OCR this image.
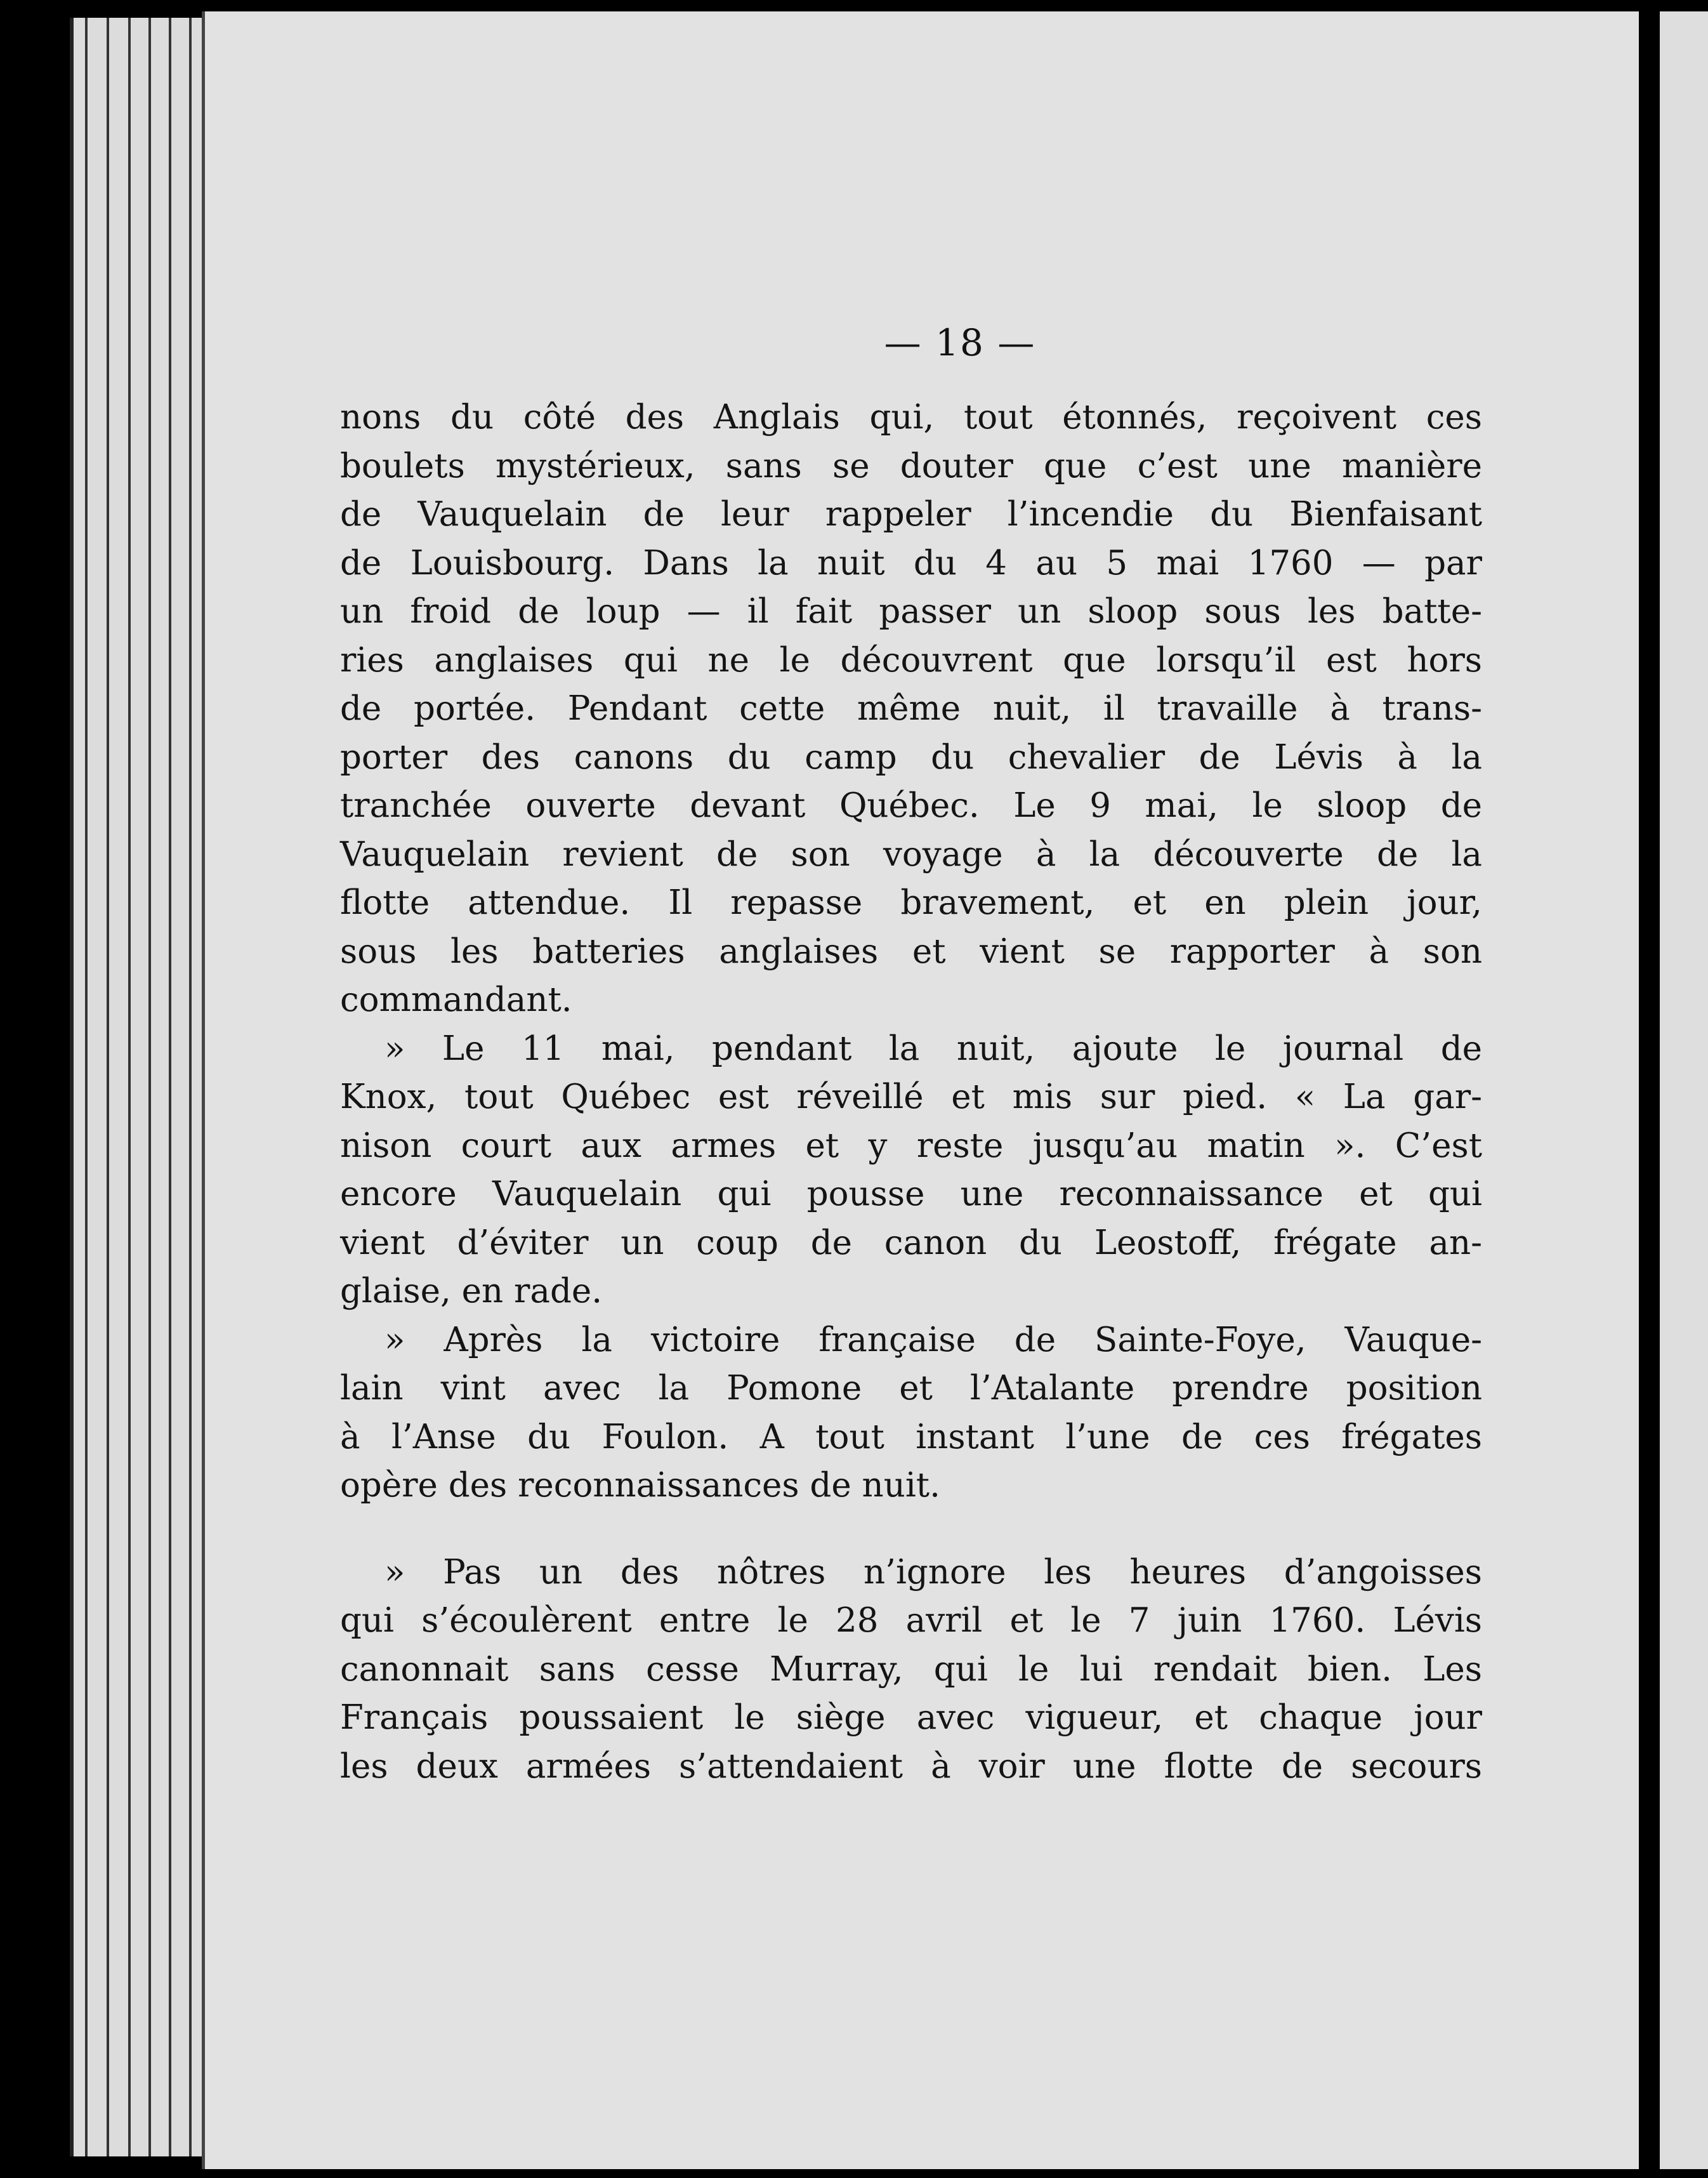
— 18 —
nons du côté des Anglais qui, tout étonnés, reçoivent ces
boulets mystérieux, sans se douter que c’est une manière
de Vauquelain de leur rappeler l’incendie du Bienfaisant
de Louisbourg. Dans la nuit du 4 au 5 mai 1760 — par
un froid de loup — il fait passer un sloop sous les batte-
ries anglaises qui ne le découvrent que lorsqu’il est hors
de portée. Pendant cette même nuit, il travaille à trans-
porter des canons du camp du chevalier de Lévis à la
tranchée ouverte devant Québec. Le 9 mai, le sloop de
Vauquelain revient de son voyage à la découverte de la
flotte attendue. Il repasse bravement, et en plein jour,
sous les batteries anglaises et vient se rapporter à son
commandant.
» Le 11 mai, pendant la nuit, ajoute le journal de
Knox, tout Québec est réveillé et mis sur pied. « La gar-
nison court aux armes et y reste jusqu’au matin ». C’est
encore Vauquelain qui pousse une reconnaissance et qui
vient d’éviter un coup de canon du Leostoff, frégate an-
glaise, en rade.
» Après la victoire française de Sainte-Foye, Vauque-
lain vint avec la Pomone et l’Atalante prendre position
à l’Anse du Foulon. A tout instant l’une de ces frégates
opère des reconnaissances de nuit.
» Pas un des nôtres n’ignore les heures d’angoisses
qui s’écoulèrent entre le 28 avril et le 7 juin 1760. Lévis
canonnait sans cesse Murray, qui le lui rendait bien. Les
Français poussaient le siège avec vigueur, et chaque jour
les deux armées s’attendaient à voir une flotte de secours
